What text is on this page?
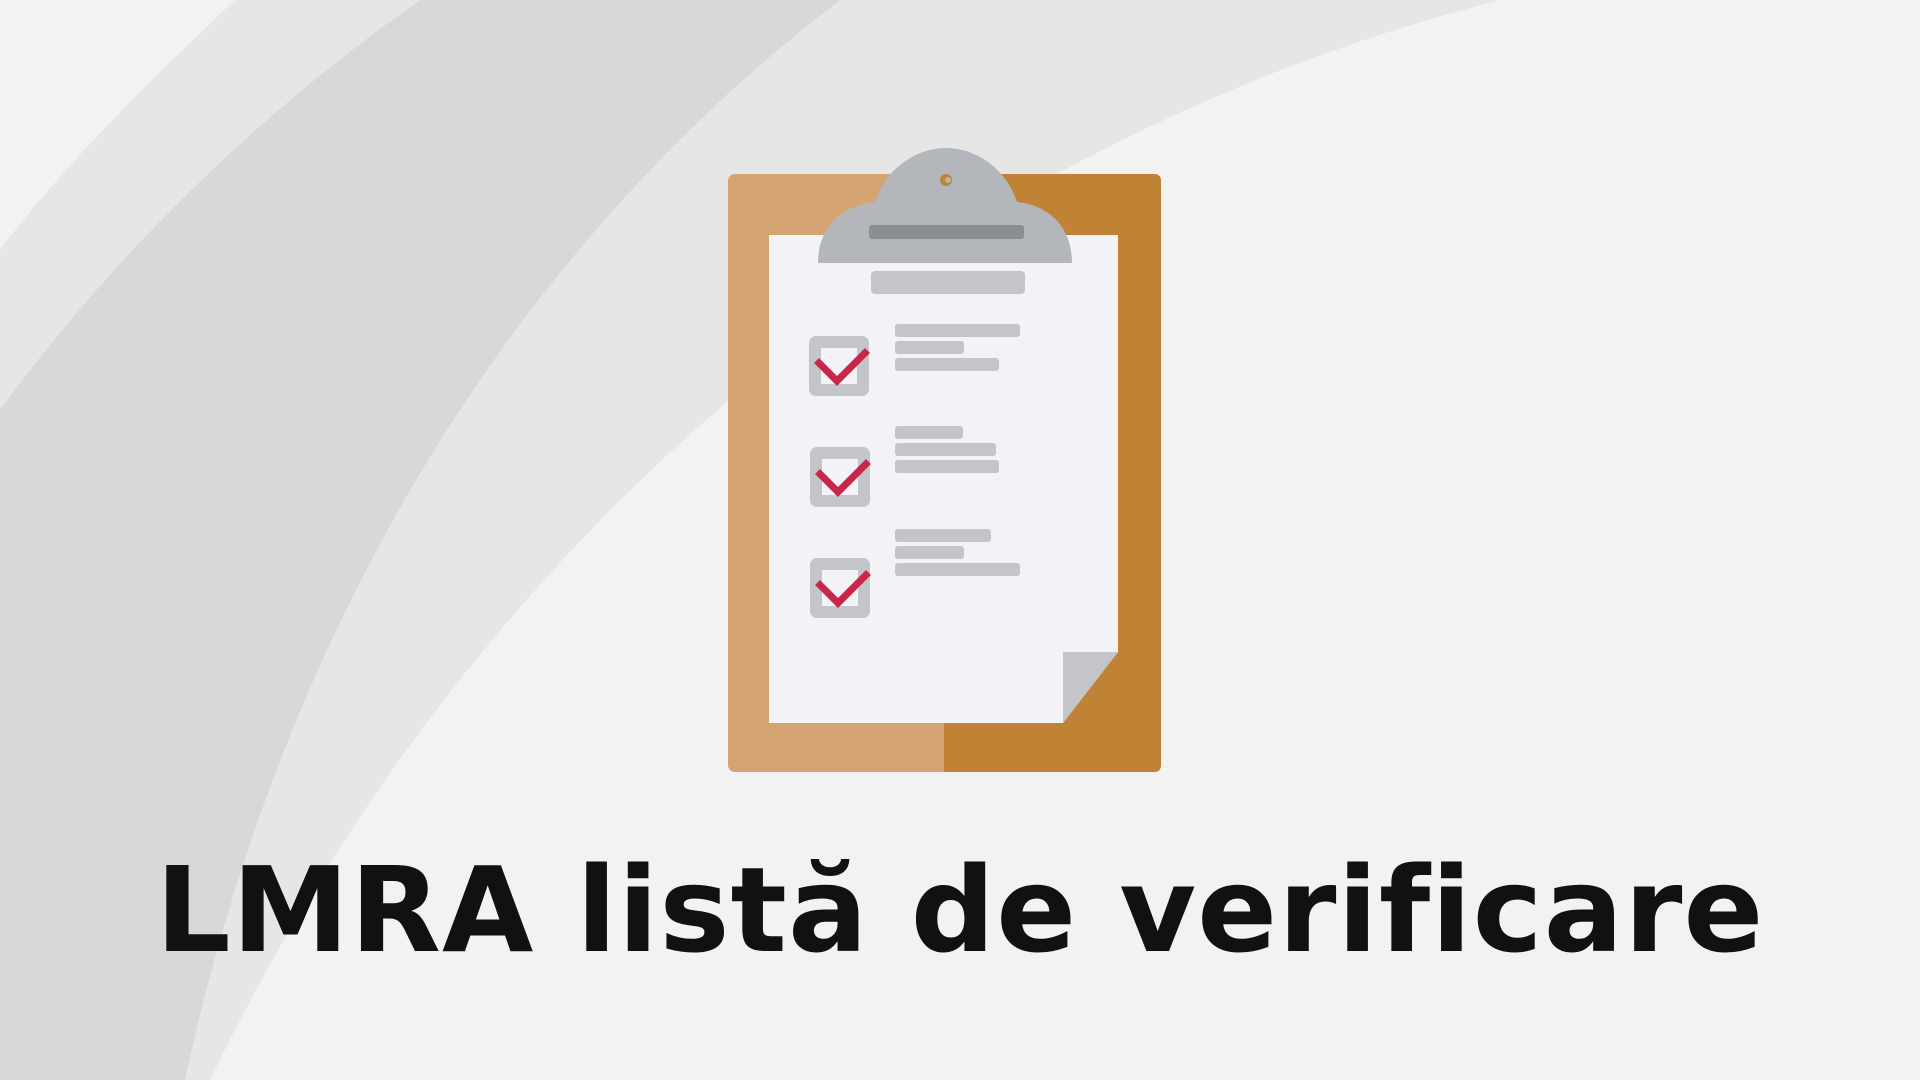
LMRA listă de verificare
